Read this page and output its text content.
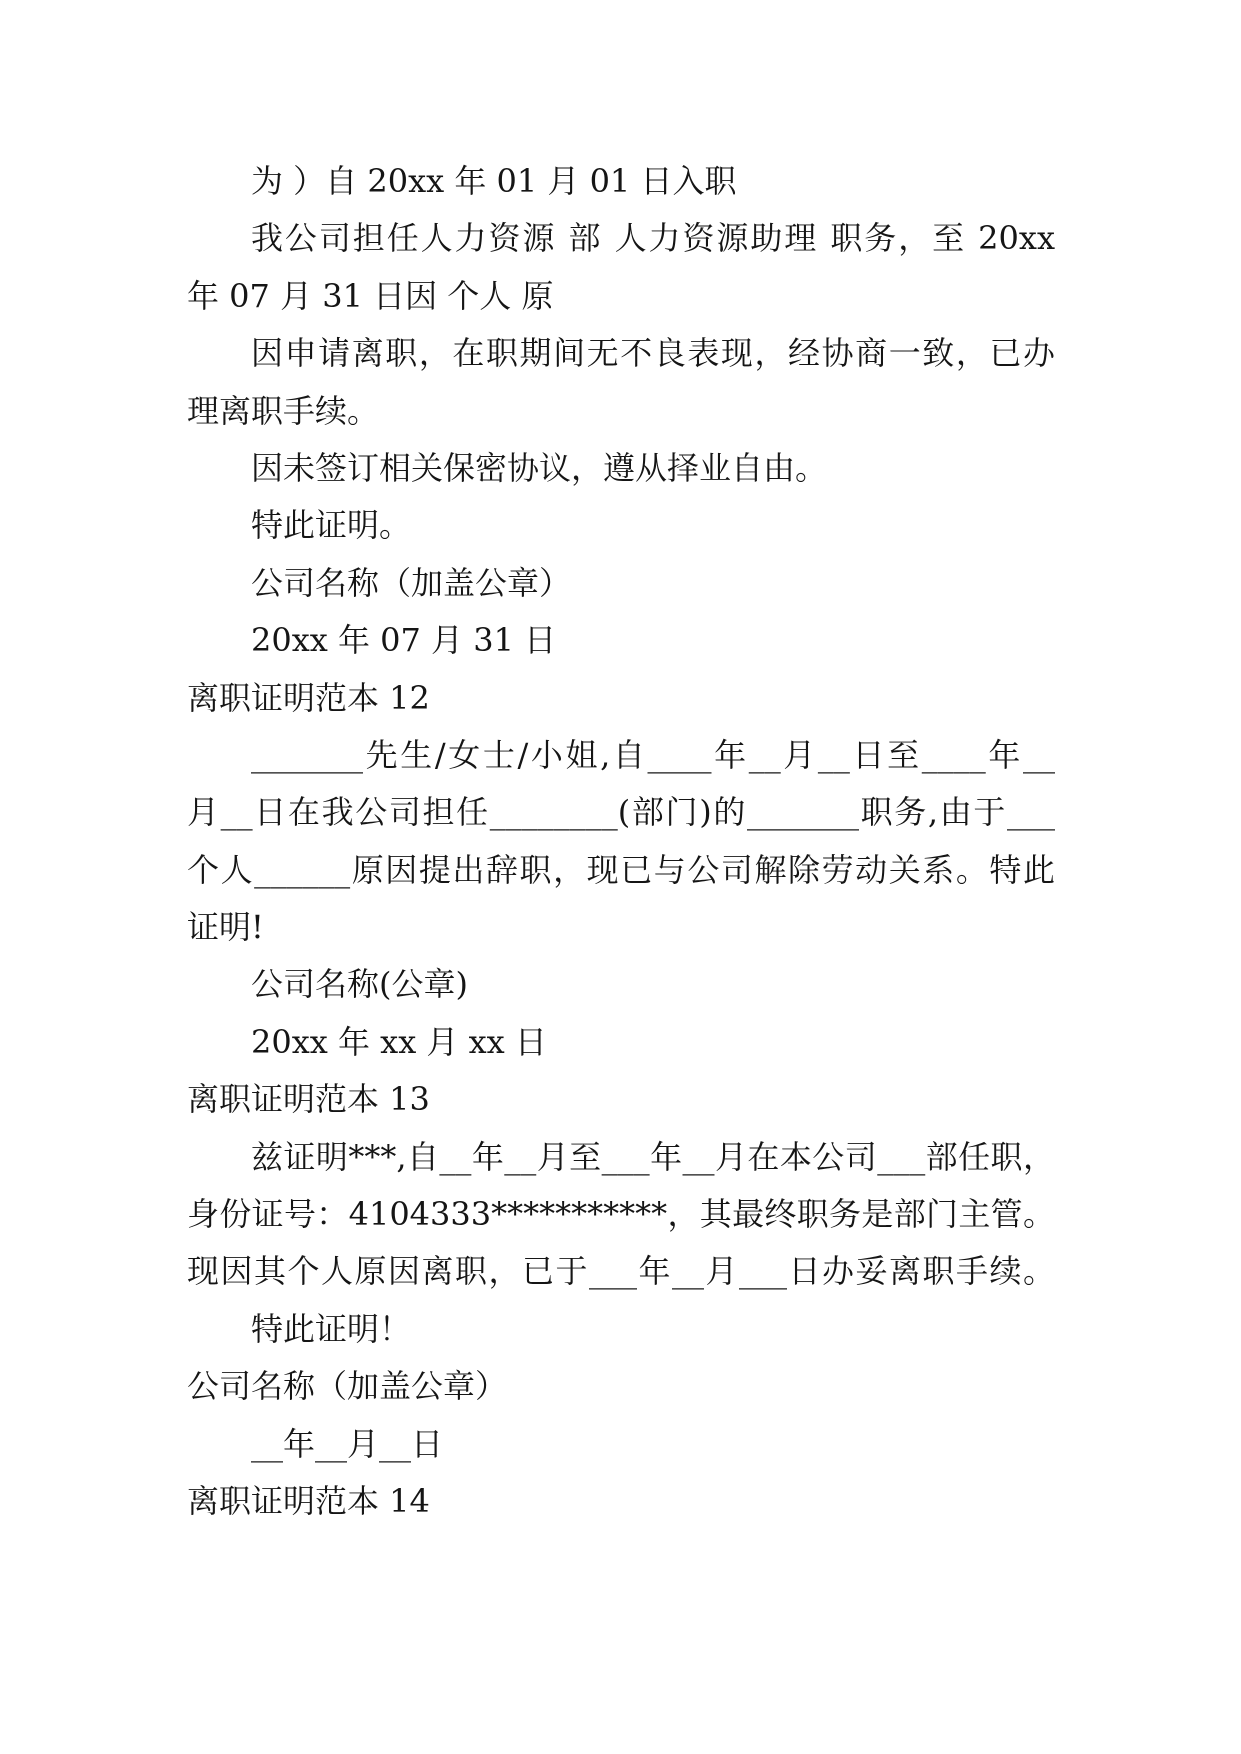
为 ）自 20xx 年 01 月 01 日入职
我公司担任人力资源 部 人力资源助理 职务，至 20xx
年 07 月 31 日因 个人 原
因申请离职，在职期间无不良表现，经协商一致，已办
理离职手续。
因未签订相关保密协议，遵从择业自由。
特此证明。
公司名称（加盖公章）
20xx 年 07 月 31 日
离职证明范本 12
_______先生/女士/小姐,自____年__月__日至____年__
月__日在我公司担任________(部门)的_______职务,由于___
个人______原因提出辞职，现已与公司解除劳动关系。特此
证明!
公司名称(公章)
20xx 年 xx 月 xx 日
离职证明范本 13
兹证明***,自__年__月至___年__月在本公司___部任职，
身份证号：4104333***********，其最终职务是部门主管。
现因其个人原因离职，已于___年__月___日办妥离职手续。
特此证明！
公司名称（加盖公章）
__年__月__日
离职证明范本 14
